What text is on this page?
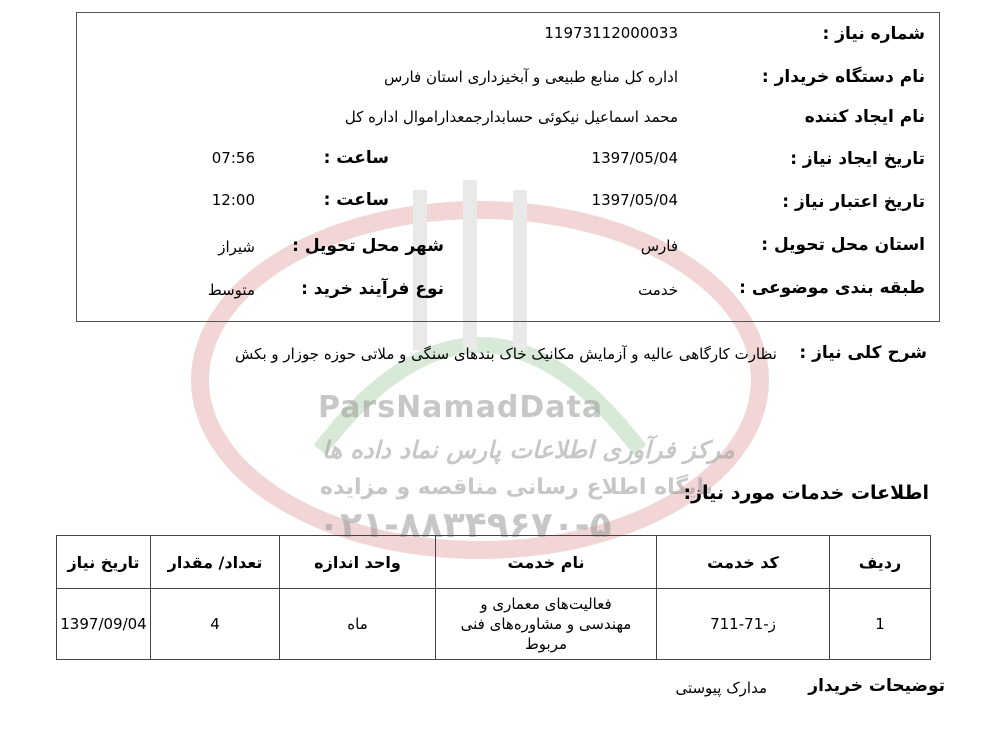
ParsNamadData
مرکز فرآوری اطلاعات پارس نماد داده ها
پایگاه اطلاع رسانی مناقصه و مزایده
۰۲۱-۸۸۳۴۹۶۷۰-۵
شماره نیاز :
11973112000033
نام دستگاه خریدار :
اداره کل منابع طبیعی و آبخیزداری استان فارس
نام ایجاد کننده
محمد اسماعیل نیکوئی حسابدارجمعداراموال اداره کل
تاریخ ایجاد نیاز :
1397/05/04
ساعت :
07:56
تاریخ اعتبار نیاز :
1397/05/04
ساعت :
12:00
استان محل تحویل :
فارس
شهر محل تحویل :
شیراز
طبقه بندی موضوعی :
خدمت
نوع فرآیند خرید :
متوسط
شرح کلی نیاز :
نظارت کارگاهی عالیه و آزمایش مکانیک خاک بندهای سنگی و ملاتی حوزه جوزار و بکش
اطلاعات خدمات مورد نیاز:
ردیف	کد خدمت	نام خدمت	واحد اندازه	تعداد/ مقدار	تاریخ نیاز
1	ز-71-711	فعالیت‌های معماری و مهندسی و مشاوره‌های فنی مربوط	ماه	4	1397/09/04
توضیحات خریدار
مدارک پیوستی
